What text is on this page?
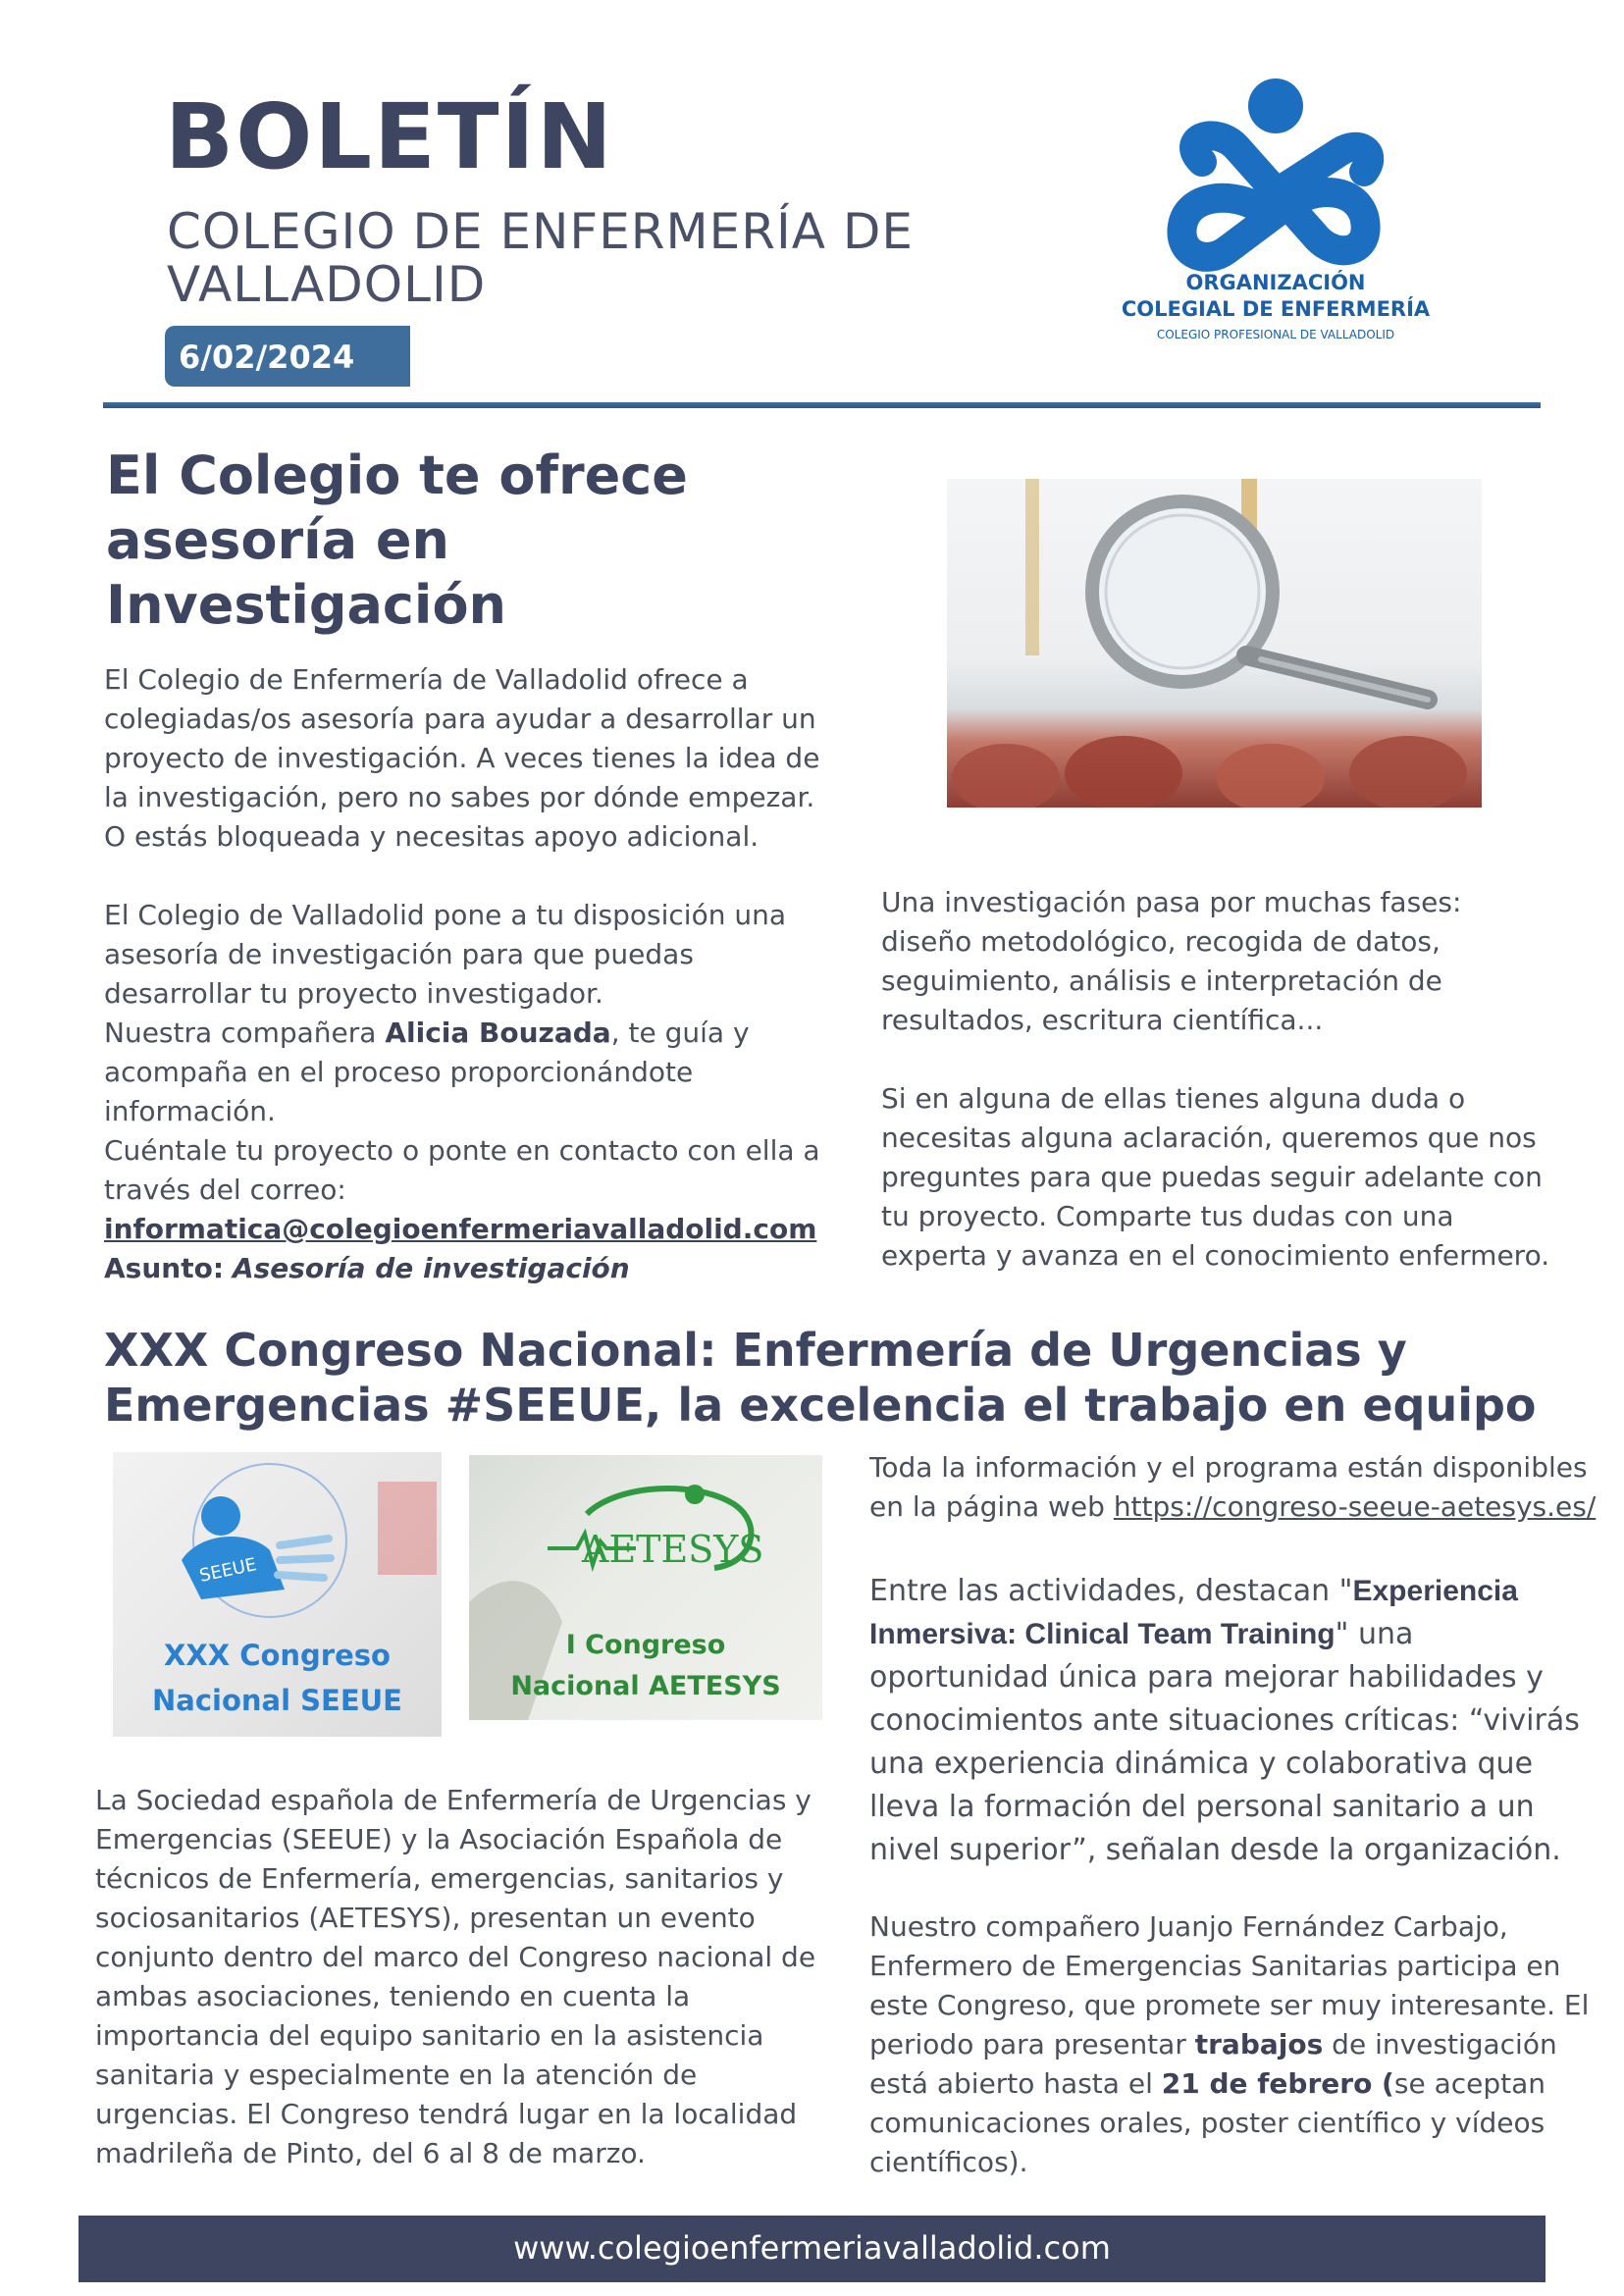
BOLETÍN
COLEGIO DE ENFERMERÍA DE
VALLADOLID
6/02/2024
ORGANIZACIÓN
COLEGIAL DE ENFERMERÍA
COLEGIO PROFESIONAL DE VALLADOLID
El Colegio te ofrece
asesoría en
Investigación

El Colegio de Enfermería de Valladolid ofrece a

colegiadas/os asesoría para ayudar a desarrollar un

proyecto de investigación. A veces tienes la idea de

la investigación, pero no sabes por dónde empezar.

O estás bloqueada y necesitas apoyo adicional.

El Colegio de Valladolid pone a tu disposición una

asesoría de investigación para que puedas

desarrollar tu proyecto investigador.

Nuestra compañera Alicia Bouzada, te guía y

acompaña en el proceso proporcionándote

información.

Cuéntale tu proyecto o ponte en contacto con ella a

través del correo:

informatica@colegioenfermeriavalladolid.com

Asunto: Asesoría de investigación

Una investigación pasa por muchas fases:

diseño metodológico, recogida de datos,

seguimiento, análisis e interpretación de

resultados, escritura científica...

Si en alguna de ellas tienes alguna duda o

necesitas alguna aclaración, queremos que nos

preguntes para que puedas seguir adelante con

tu proyecto. Comparte tus dudas con una

experta y avanza en el conocimiento enfermero.

XXX Congreso Nacional: Enfermería de Urgencias y
Emergencias #SEEUE, la excelencia el trabajo en equipo
SEEUE
XXX Congreso
Nacional SEEUE
AETESYS
I Congreso
Nacional AETESYS

La Sociedad española de Enfermería de Urgencias y

Emergencias (SEEUE) y la Asociación Española de

técnicos de Enfermería, emergencias, sanitarios y

sociosanitarios (AETESYS), presentan un evento

conjunto dentro del marco del Congreso nacional de

ambas asociaciones, teniendo en cuenta la

importancia del equipo sanitario en la asistencia

sanitaria y especialmente en la atención de

urgencias. El Congreso tendrá lugar en la localidad

madrileña de Pinto, del 6 al 8 de marzo.

Toda la información y el programa están disponibles

en la página web https://congreso-seeue-aetesys.es/

Entre las actividades, destacan "Experiencia

Inmersiva: Clinical Team Training" una

oportunidad única para mejorar habilidades y

conocimientos ante situaciones críticas: “vivirás

una experiencia dinámica y colaborativa que

lleva la formación del personal sanitario a un

nivel superior”, señalan desde la organización.

Nuestro compañero Juanjo Fernández Carbajo,

Enfermero de Emergencias Sanitarias participa en

este Congreso, que promete ser muy interesante. El

periodo para presentar trabajos de investigación

está abierto hasta el 21 de febrero (se aceptan

comunicaciones orales, poster científico y vídeos

científicos).

www.colegioenfermeriavalladolid.com
